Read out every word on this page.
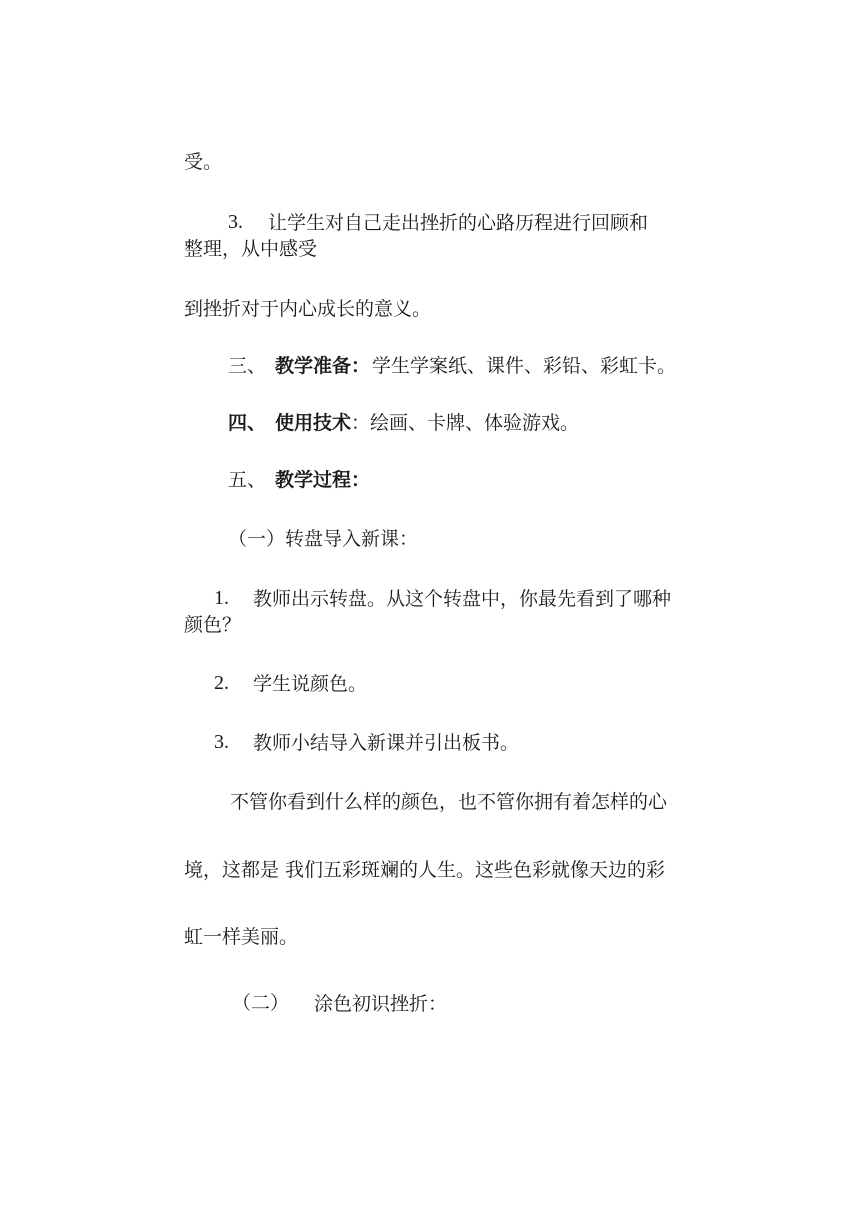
受。
3. 让学生对自己走出挫折的心路历程进行回顾和
整理，从中感受
到挫折对于内心成长的意义。
三、 教学准备： 学生学案纸、课件、彩铅、彩虹卡。
四、 使用技术 ：绘画、卡牌、体验游戏。
五、 教学过程：
（一）转盘导入新课：
1. 教师出示转盘。从这个转盘中，你最先看到了哪种
颜色？
2. 学生说颜色。
3. 教师小结导入新课并引出板书。
不管你看到什么样的颜色，也不管你拥有着怎样的心
境，这都是 我们五彩斑斓的人生。这些色彩就像天边的彩
虹一样美丽。
（二） 涂色初识挫折：
